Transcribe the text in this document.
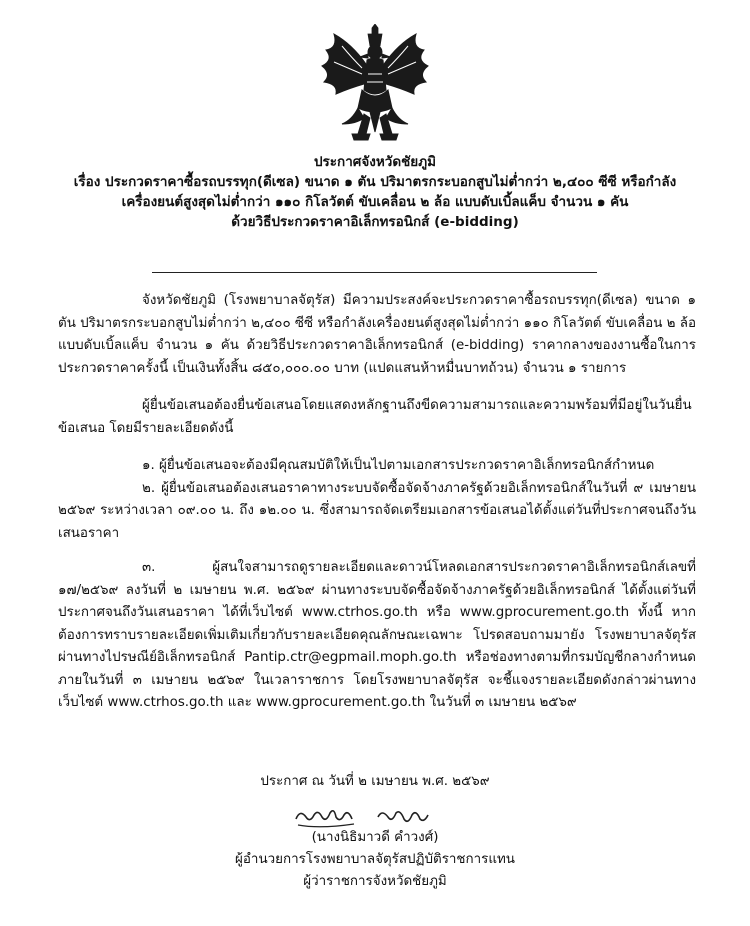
ประกาศจังหวัดชัยภูมิ
เรื่อง ประกวดราคาซื้อรถบรรทุก(ดีเซล) ขนาด ๑ ตัน ปริมาตรกระบอกสูบไม่ต่ำกว่า ๒,๔๐๐ ซีซี หรือกำลัง
เครื่องยนต์สูงสุดไม่ต่ำกว่า ๑๑๐ กิโลวัตต์ ขับเคลื่อน ๒ ล้อ แบบดับเบิ้ลแค็บ จำนวน ๑ คัน
ด้วยวิธีประกวดราคาอิเล็กทรอนิกส์ (e-bidding)

จังหวัดชัยภูมิ (โรงพยาบาลจัตุรัส) มีความประสงค์จะประกวดราคาซื้อรถบรรทุก(ดีเซล) ขนาด ๑ ตัน ปริมาตรกระบอกสูบไม่ต่ำกว่า ๒,๔๐๐ ซีซี หรือกำลังเครื่องยนต์สูงสุดไม่ต่ำกว่า ๑๑๐ กิโลวัตต์ ขับเคลื่อน ๒ ล้อ แบบดับเบิ้ลแค็บ จำนวน ๑ คัน ด้วยวิธีประกวดราคาอิเล็กทรอนิกส์ (e-bidding) ราคากลางของงานซื้อในการประกวดราคาครั้งนี้ เป็นเงินทั้งสิ้น ๘๕๐,๐๐๐.๐๐ บาท (แปดแสนห้าหมื่นบาทถ้วน) จำนวน ๑ รายการ

ผู้ยื่นข้อเสนอต้องยื่นข้อเสนอโดยแสดงหลักฐานถึงขีดความสามารถและความพร้อมที่มีอยู่ในวันยื่นข้อเสนอ โดยมีรายละเอียดดังนี้

๑. ผู้ยื่นข้อเสนอจะต้องมีคุณสมบัติให้เป็นไปตามเอกสารประกวดราคาอิเล็กทรอนิกส์กำหนด

๒. ผู้ยื่นข้อเสนอต้องเสนอราคาทางระบบจัดซื้อจัดจ้างภาครัฐด้วยอิเล็กทรอนิกส์ในวันที่ ๙ เมษายน ๒๕๖๙ ระหว่างเวลา ๐๙.๐๐ น. ถึง ๑๒.๐๐ น. ซึ่งสามารถจัดเตรียมเอกสารข้อเสนอได้ตั้งแต่วันที่ประกาศจนถึงวันเสนอราคา

๓. ผู้สนใจสามารถดูรายละเอียดและดาวน์โหลดเอกสารประกวดราคาอิเล็กทรอนิกส์เลขที่ ๑๗/๒๕๖๙ ลงวันที่ ๒ เมษายน พ.ศ. ๒๕๖๙ ผ่านทางระบบจัดซื้อจัดจ้างภาครัฐด้วยอิเล็กทรอนิกส์ ได้ตั้งแต่วันที่ประกาศจนถึงวันเสนอราคา ได้ที่เว็บไซต์ www.ctrhos.go.th หรือ www.gprocurement.go.th ทั้งนี้ หากต้องการทราบรายละเอียดเพิ่มเติมเกี่ยวกับรายละเอียดคุณลักษณะเฉพาะ โปรดสอบถามมายัง โรงพยาบาลจัตุรัส ผ่านทางไปรษณีย์อิเล็กทรอนิกส์ Pantip.ctr@egpmail.moph.go.th หรือช่องทางตามที่กรมบัญชีกลางกำหนด ภายในวันที่ ๓ เมษายน ๒๕๖๙ ในเวลาราชการ โดยโรงพยาบาลจัตุรัส จะชี้แจงรายละเอียดดังกล่าวผ่านทางเว็บไซต์ www.ctrhos.go.th และ www.gprocurement.go.th ในวันที่ ๓ เมษายน ๒๕๖๙

ประกาศ ณ วันที่ ๒ เมษายน พ.ศ. ๒๕๖๙
(นางนิธิมาวดี คำวงศ์)
ผู้อำนวยการโรงพยาบาลจัตุรัสปฏิบัติราชการแทน
ผู้ว่าราชการจังหวัดชัยภูมิ
